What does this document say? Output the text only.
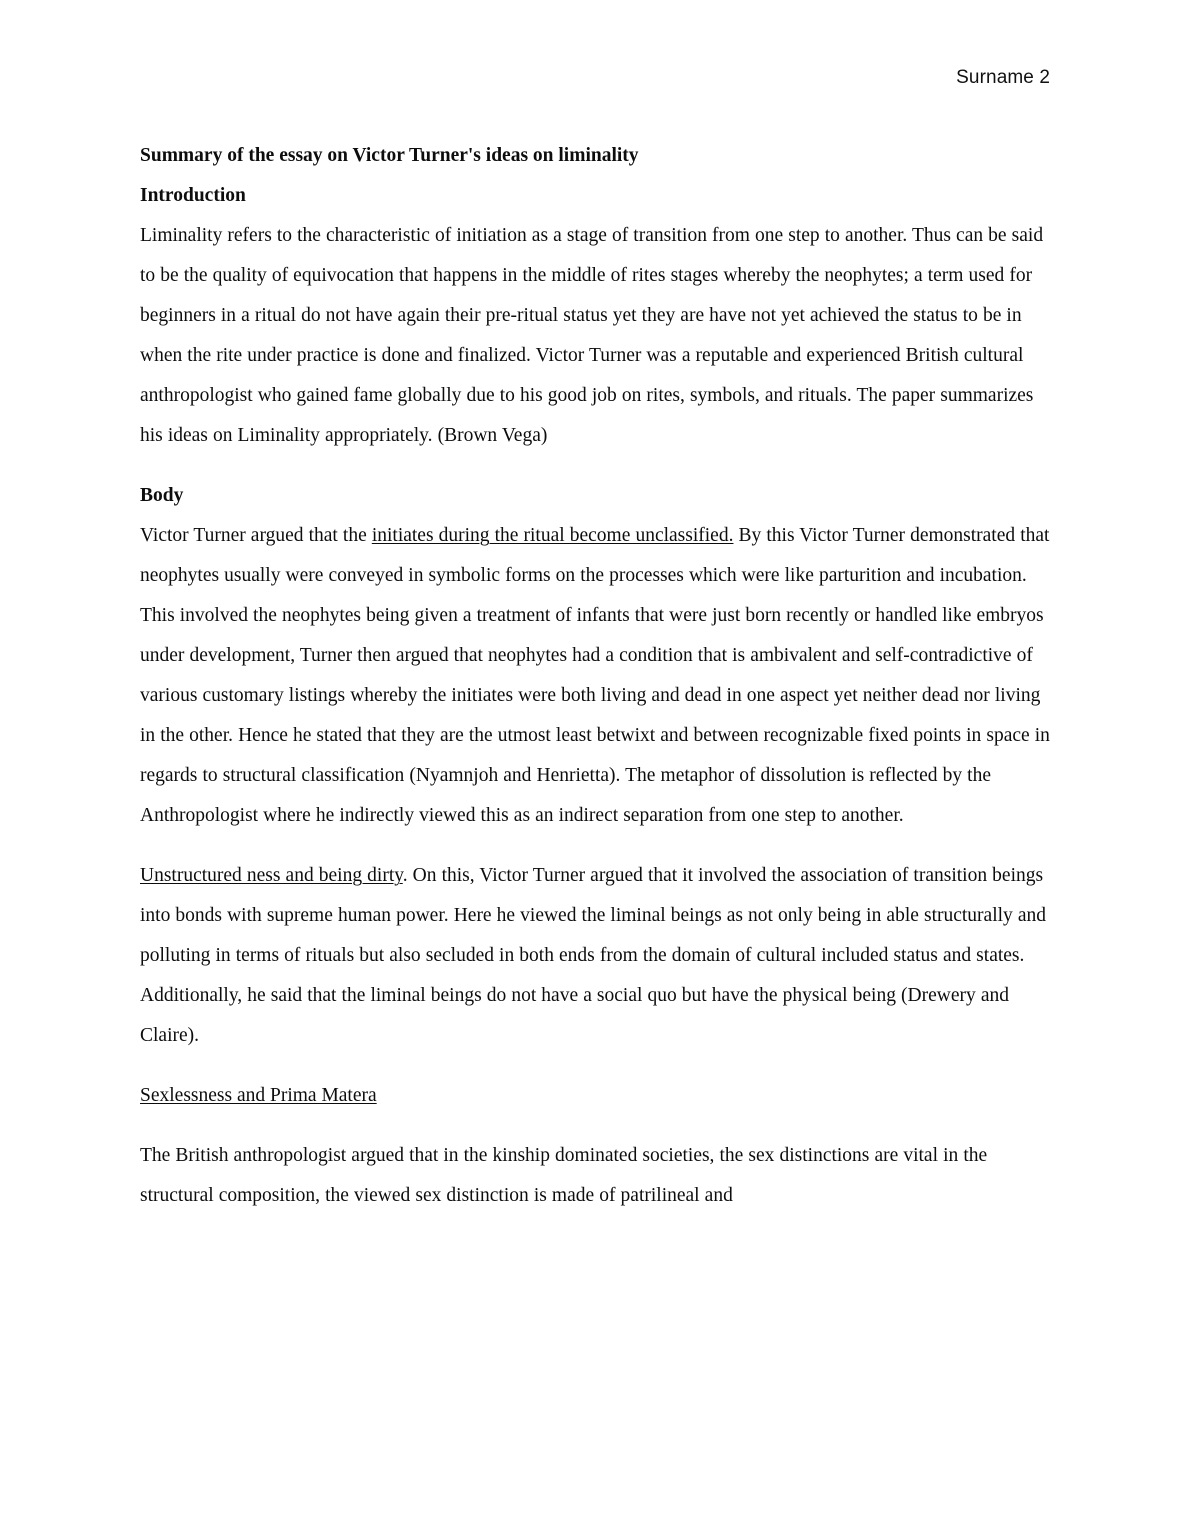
Surname 2
Summary of the essay on Victor Turner's ideas on liminality
Introduction

Liminality refers to the characteristic of initiation as a stage of transition from one step to another. Thus can be said to be the quality of equivocation that happens in the middle of rites stages whereby the neophytes; a term used for beginners in a ritual do not have again their pre-ritual status yet they are have not yet achieved the status to be in when the rite under practice is done and finalized. Victor Turner was a reputable and experienced British cultural anthropologist who gained fame globally due to his good job on rites, symbols, and rituals. The paper summarizes his ideas on Liminality appropriately. (Brown Vega)

Body

Victor Turner argued that the initiates during the ritual become unclassified. By this Victor Turner demonstrated that neophytes usually were conveyed in symbolic forms on the processes which were like parturition and incubation. This involved the neophytes being given a treatment of infants that were just born recently or handled like embryos under development, Turner then argued that neophytes had a condition that is ambivalent and self-contradictive of various customary listings whereby the initiates were both living and dead in one aspect yet neither dead nor living in the other. Hence he stated that they are the utmost least betwixt and between recognizable fixed points in space in regards to structural classification (Nyamnjoh and Henrietta). The metaphor of dissolution is reflected by the Anthropologist where he indirectly viewed this as an indirect separation from one step to another.

Unstructured ness and being dirty. On this, Victor Turner argued that it involved the association of transition beings into bonds with supreme human power. Here he viewed the liminal beings as not only being in able structurally and polluting in terms of rituals but also secluded in both ends from the domain of cultural included status and states. Additionally, he said that the liminal beings do not have a social quo but have the physical being (Drewery and Claire).

Sexlessness and Prima Matera

The British anthropologist argued that in the kinship dominated societies, the sex distinctions are vital in the structural composition, the viewed sex distinction is made of patrilineal and
